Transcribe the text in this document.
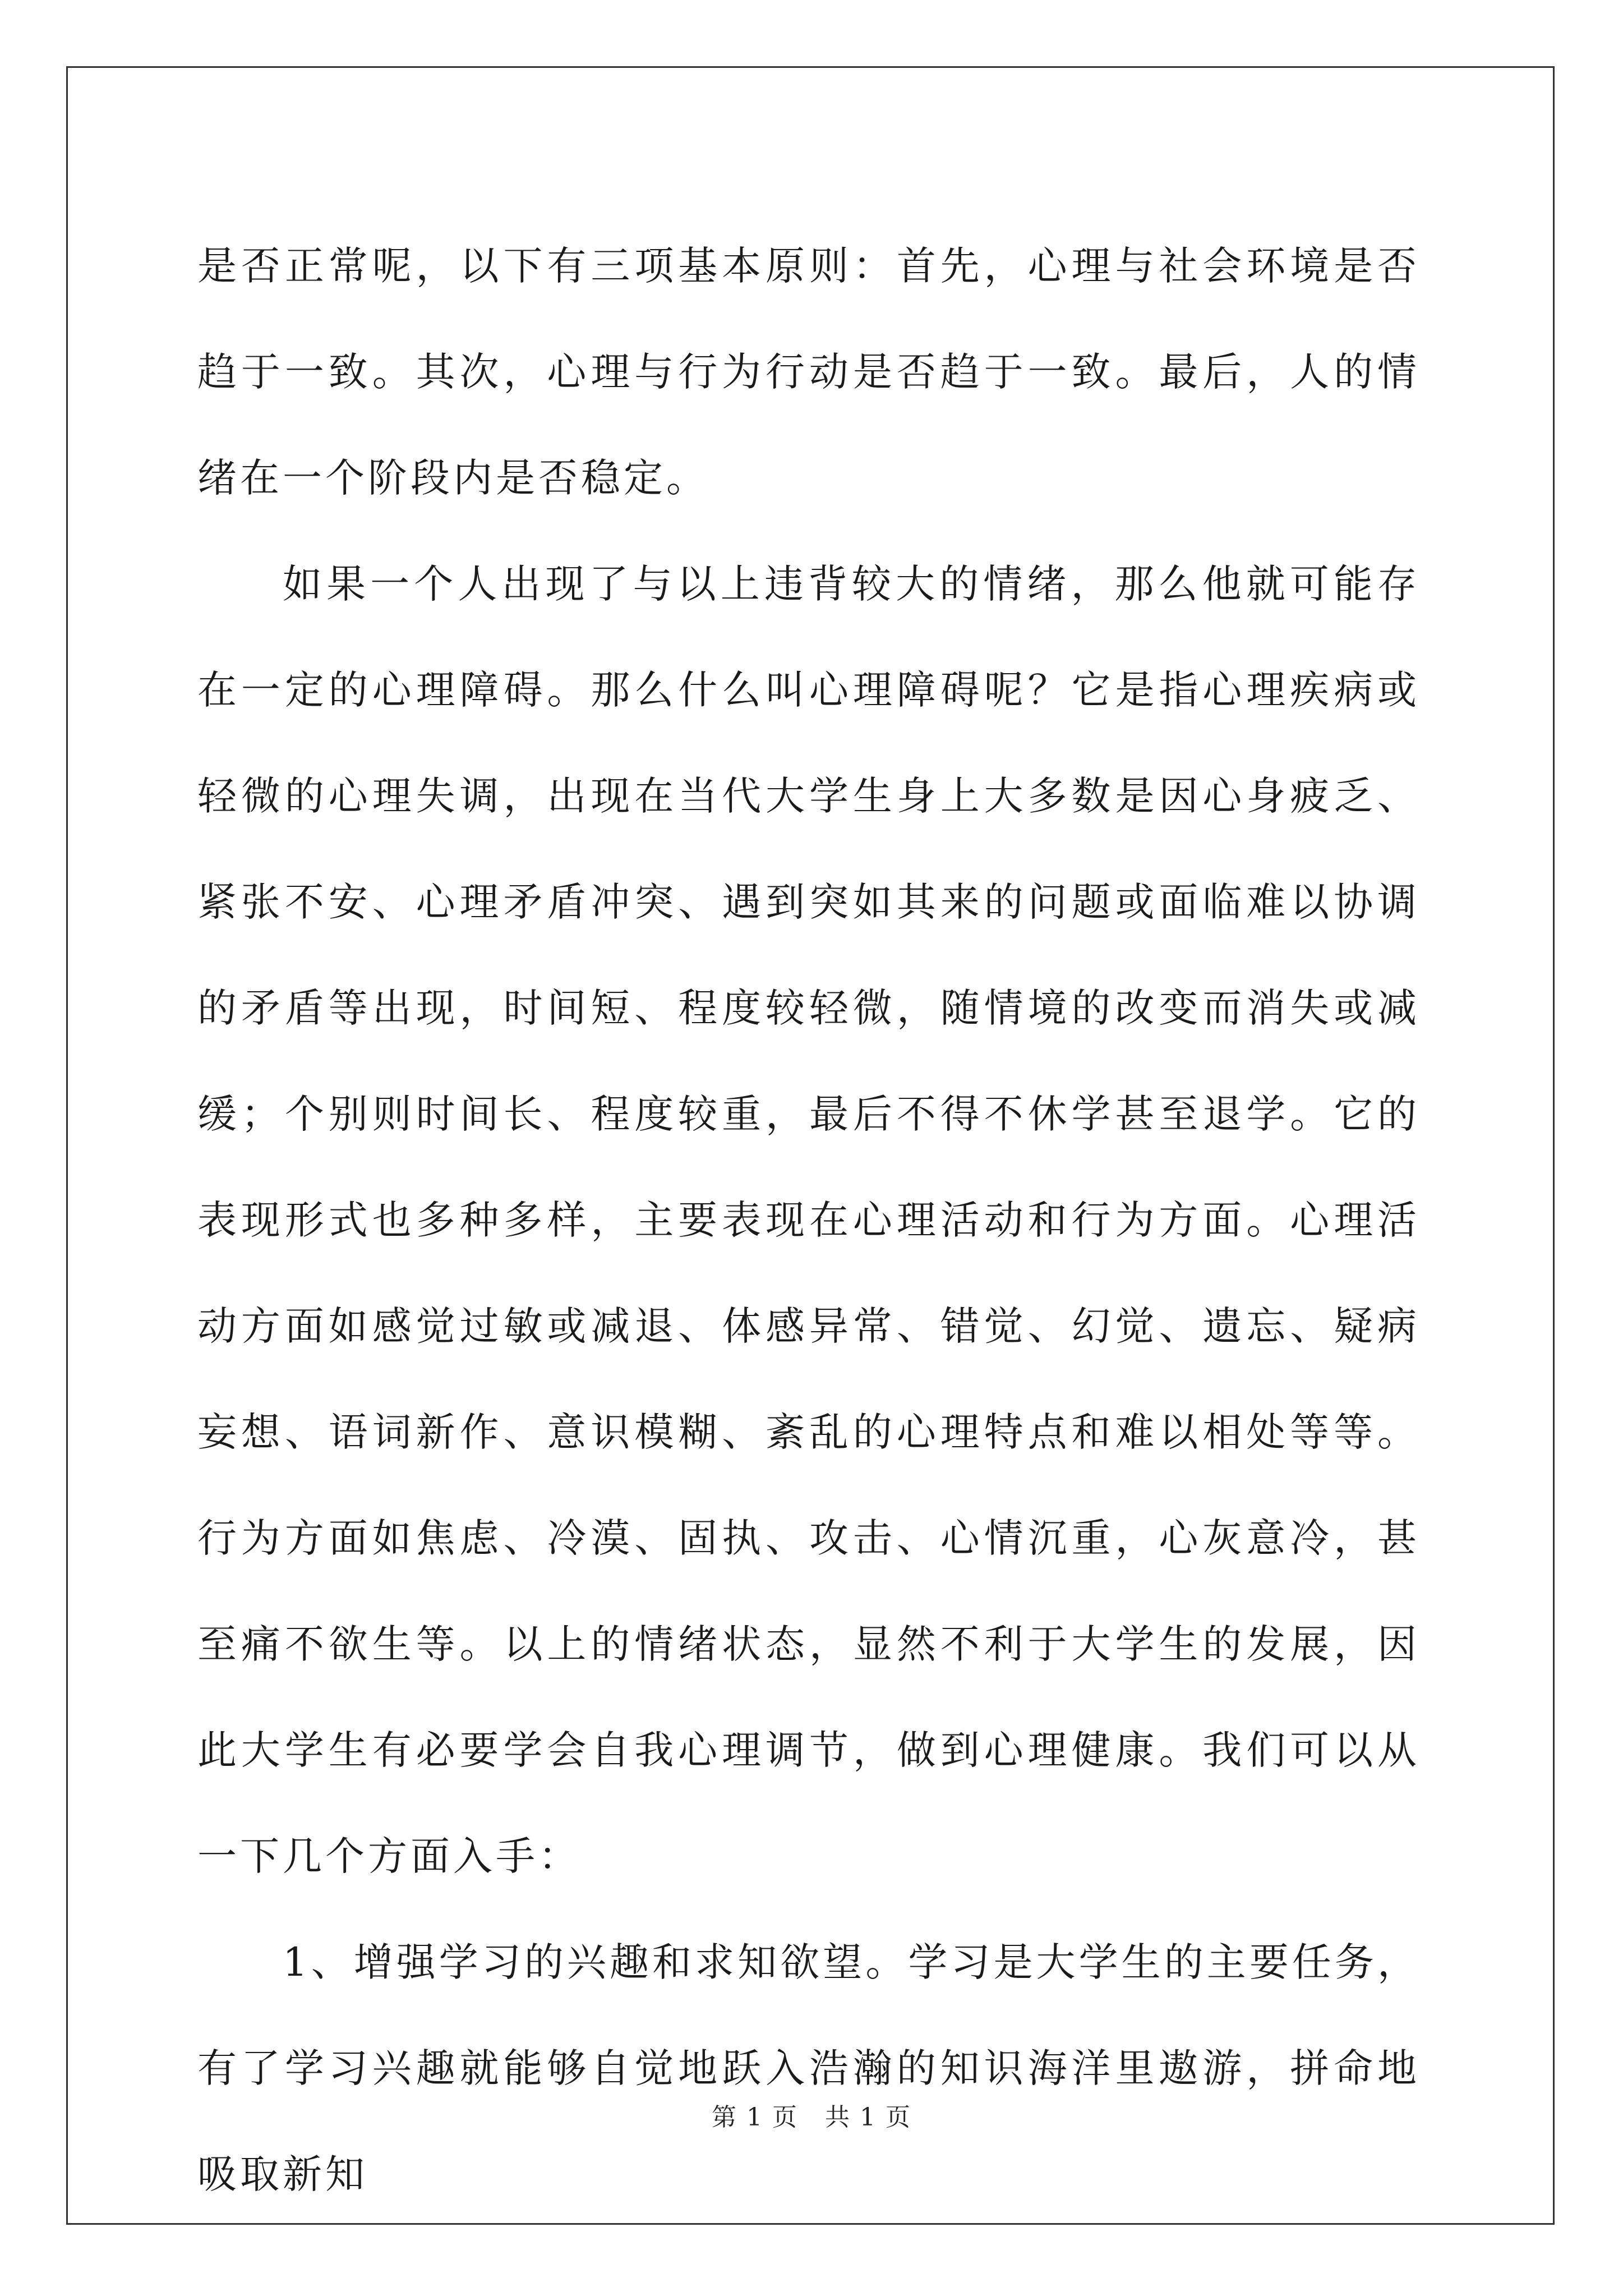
是否正常呢，以下有三项基本原则：首先，心理与社会环境是否趋于一致。其次，心理与行为行动是否趋于一致。最后，人的情绪在一个阶段内是否稳定。

如果一个人出现了与以上违背较大的情绪，那么他就可能存在一定的心理障碍。那么什么叫心理障碍呢？它是指心理疾病或轻微的心理失调，出现在当代大学生身上大多数是因心身疲乏、紧张不安、心理矛盾冲突、遇到突如其来的问题或面临难以协调的矛盾等出现，时间短、程度较轻微，随情境的改变而消失或减缓；个别则时间长、程度较重，最后不得不休学甚至退学。它的表现形式也多种多样，主要表现在心理活动和行为方面。心理活动方面如感觉过敏或减退、体感异常、错觉、幻觉、遗忘、疑病妄想、语词新作、意识模糊、紊乱的心理特点和难以相处等等。行为方面如焦虑、冷漠、固执、攻击、心情沉重，心灰意冷，甚至痛不欲生等。以上的情绪状态，显然不利于大学生的发展，因此大学生有必要学会自我心理调节，做到心理健康。我们可以从一下几个方面入手：

1、增强学习的兴趣和求知欲望。学习是大学生的主要任务，有了学习兴趣就能够自觉地跃入浩瀚的知识海洋里遨游，拼命地吸取新知

第 1 页 共 1 页
